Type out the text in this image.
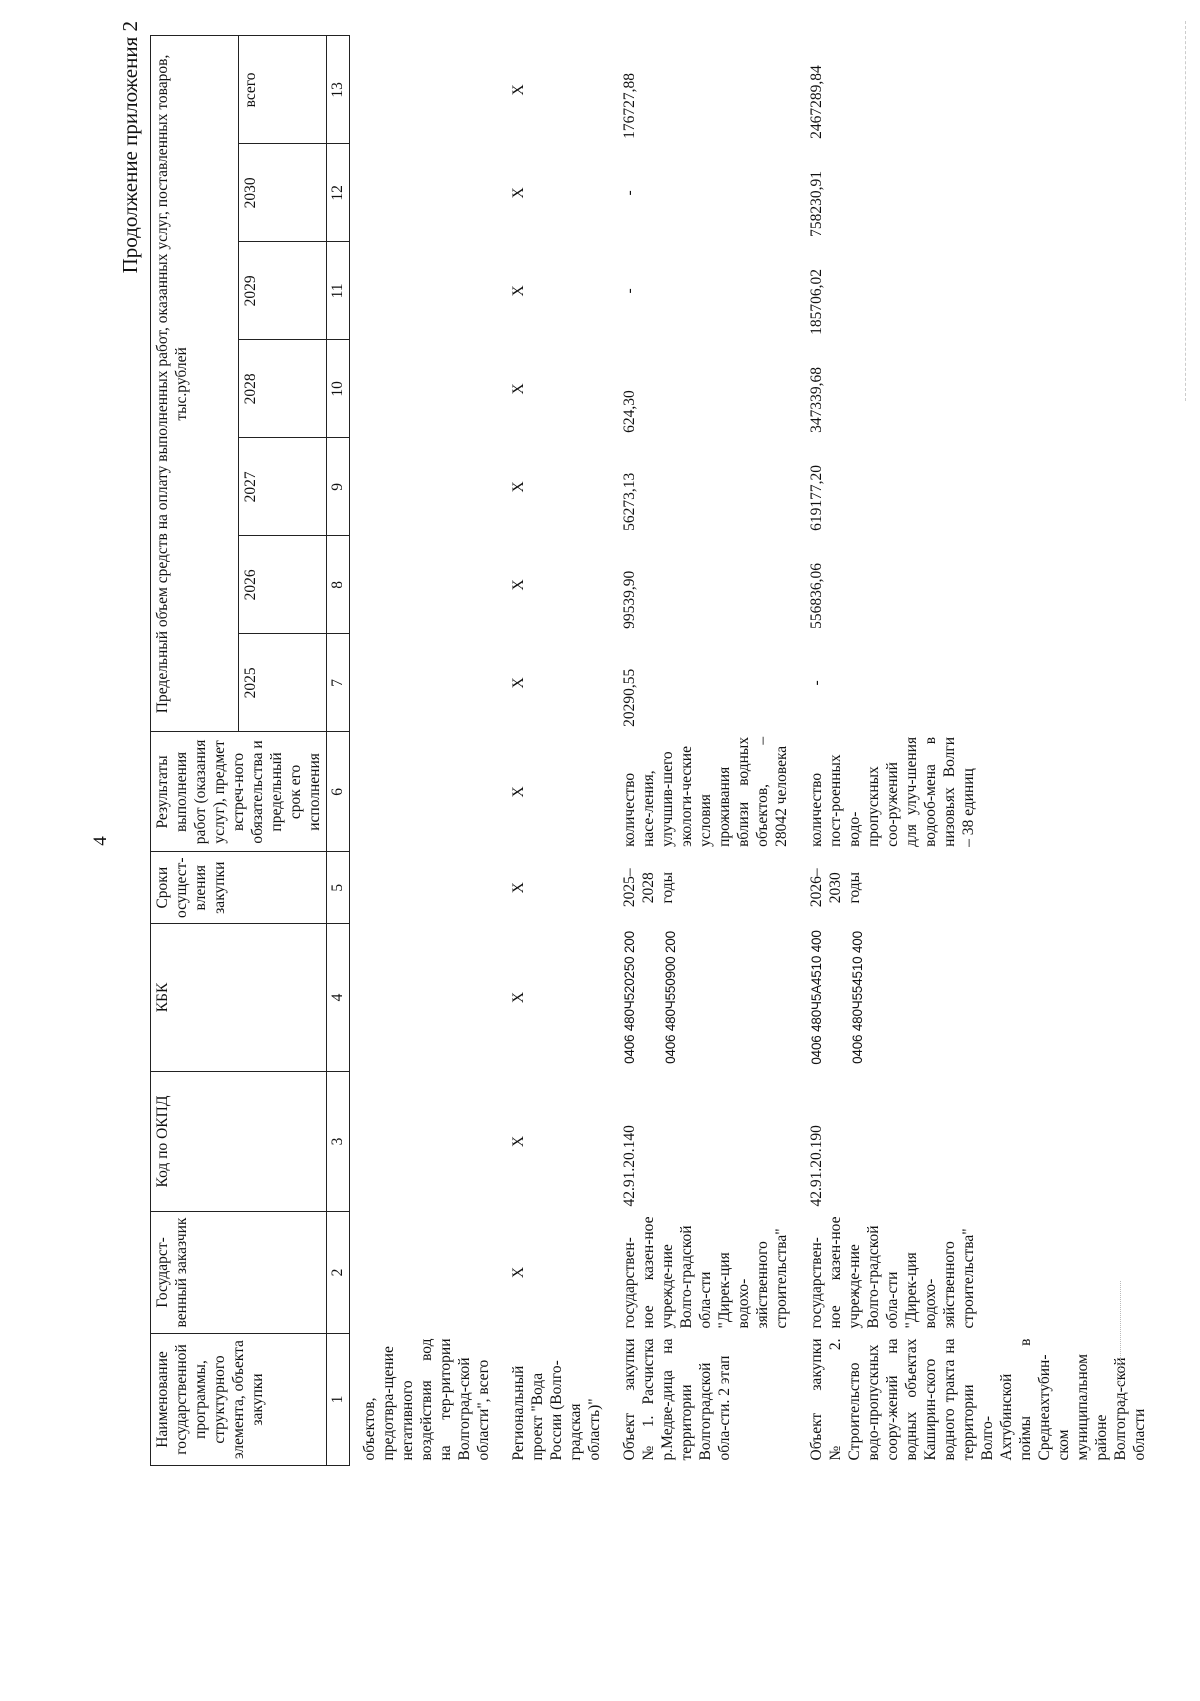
4
Продолжение приложения 2
Наименование государственной программы, структурного элемента, объекта закупки	Государст-венный заказчик	Код по ОКПД	КБК	Сроки осущест-вления закупки	Результаты выполнения работ (оказания услуг), предмет встреч-ного обязательства и предельный срок его исполнения	Предельный объем средств на оплату выполненных работ, оказанных услуг, поставленных товаров, тыс.рублей						
						2025	2026	2027	2028	2029	2030	всего
1	2	3	4	5	6	7	8	9	10	11	12	13
объектов, предотвра-щение негативного воздействия вод на тер-ритории Волгоград-ской области", всего												
Региональный проект "Вода России (Волго-градская область)"	X	X	X	X	X	X	X	X	X	X	X	X
Объект закупки № 1. Расчистка р.Медве-дица на территории Волгоградской обла-сти. 2 этап	государствен-ное казен-ное учрежде-ние Волго-градской обла-сти "Дирек-ция водохо-зяйственного строительства"	42.91.20.140	0406 480Ч520250 200 0406 480Ч550900 200	2025– 2028 годы	количество насе-ления, улучшив-шего экологи-ческие условия проживания вблизи водных объектов, – 28042 человека	20290,55	99539,90	56273,13	624,30	-	-	176727,88
Объект закупки № 2. Строительство водо-пропускных соору-жений на водных объектах Каширин-ского водного тракта на территории Волго-Ахтубинской поймы в Среднеахтубин-ском муниципальном районе Волгоград-ской области	государствен-ное казен-ное учрежде-ние Волго-градской обла-сти "Дирек-ция водохо-зяйственного строительства"	42.91.20.190	0406 480Ч5А4510 400 0406 480Ч554510 400	2026– 2030 годы	количество пост-роенных водо-пропускных соо-ружений для улуч-шения водооб-мена в низовьях Волги – 38 единиц	-	556836,06	619177,20	347339,68	185706,02	758230,91	2467289,84
